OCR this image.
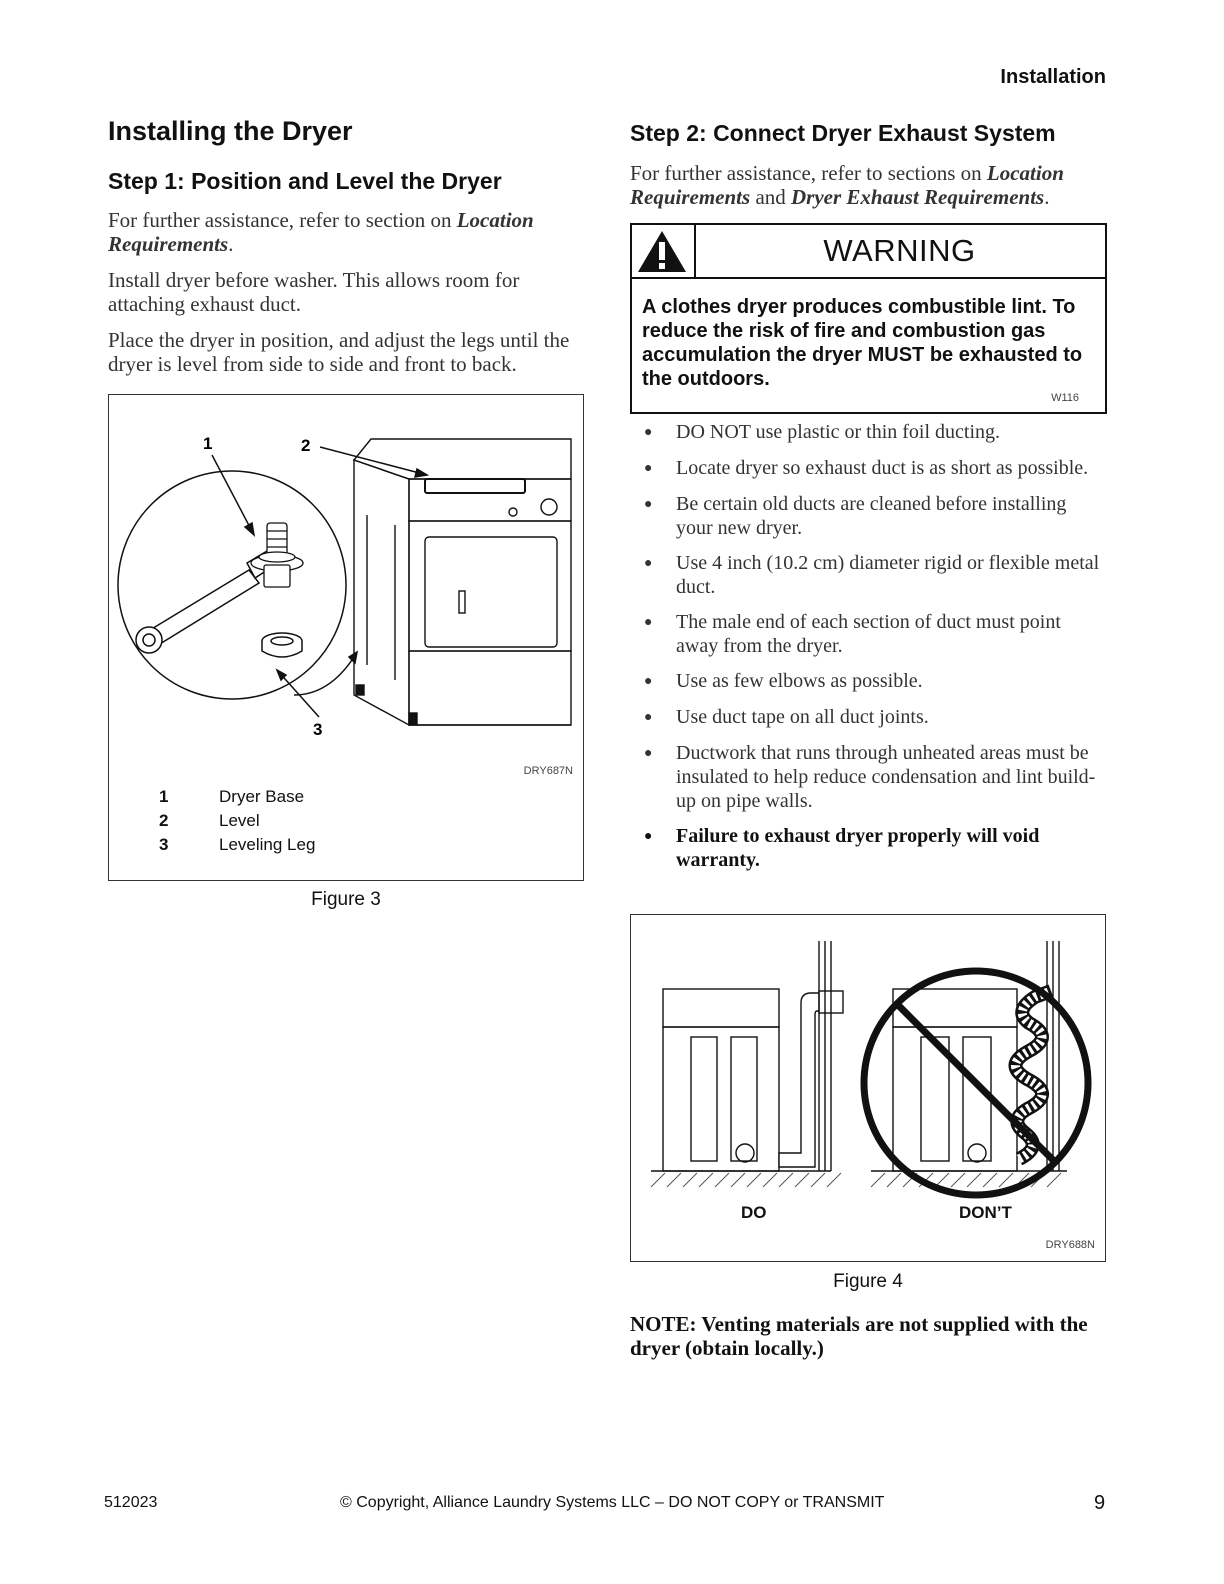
Installation
Installing the Dryer
Step 1: Position and Level the Dryer
For further assistance, refer to section on Location Requirements.
Install dryer before washer. This allows room for attaching exhaust duct.
Place the dryer in position, and adjust the legs until the dryer is level from side to side and front to back.
1	2
3
DRY687N
1	Dryer Base
2	Level
3	Leveling Leg
Figure 3
Step 2: Connect Dryer Exhaust System
For further assistance, refer to sections on Location Requirements and Dryer Exhaust Requirements.
WARNING
A clothes dryer produces combustible lint. To reduce the risk of fire and combustion gas accumulation the dryer MUST be exhausted to the outdoors.
W116
●	DO NOT use plastic or thin foil ducting.
●	Locate dryer so exhaust duct is as short as possible.
●	Be certain old ducts are cleaned before installing your new dryer.
●	Use 4 inch (10.2 cm) diameter rigid or flexible metal duct.
●	The male end of each section of duct must point away from the dryer.
●	Use as few elbows as possible.
●	Use duct tape on all duct joints.
●	Ductwork that runs through unheated areas must be insulated to help reduce condensation and lint build-up on pipe walls.
●	Failure to exhaust dryer properly will void warranty.
DO	DON’T
DRY688N
Figure 4
NOTE: Venting materials are not supplied with the dryer (obtain locally.)
512023	© Copyright, Alliance Laundry Systems LLC – DO NOT COPY or TRANSMIT	9
